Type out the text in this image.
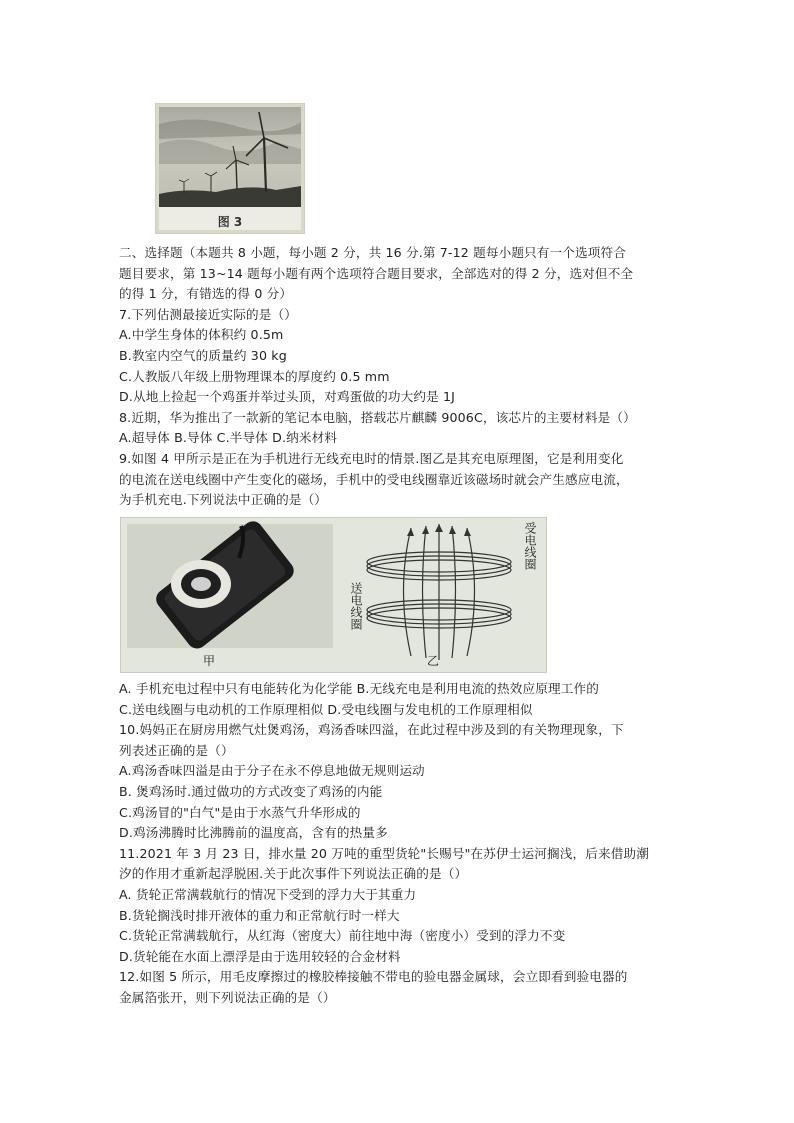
图 3
二、选择题（本题共 8 小题，每小题 2 分，共 16 分.第 7-12 题每小题只有一个选项符合
题目要求，第 13~14 题每小题有两个选项符合题目要求，全部选对的得 2 分，选对但不全
的得 1 分，有错选的得 0 分）
7.下列估测最接近实际的是（）
A.中学生身体的体积约 0.5m
B.教室内空气的质量约 30 kg
C.人教版八年级上册物理课本的厚度约 0.5 mm
D.从地上捡起一个鸡蛋并举过头顶，对鸡蛋做的功大约是 1J
8.近期，华为推出了一款新的笔记本电脑，搭载芯片麒麟 9006C，该芯片的主要材料是（）
A.超导体 B.导体 C.半导体 D.纳米材料
9.如图 4 甲所示是正在为手机进行无线充电时的情景.图乙是其充电原理图，它是利用变化
的电流在送电线圈中产生变化的磁场，手机中的受电线圈靠近该磁场时就会产生感应电流，
为手机充电.下列说法中正确的是（）
甲	乙
受电线圈
送电线圈
A. 手机充电过程中只有电能转化为化学能 B.无线充电是利用电流的热效应原理工作的
C.送电线圈与电动机的工作原理相似 D.受电线圈与发电机的工作原理相似
10.妈妈正在厨房用燃气灶煲鸡汤，鸡汤香味四溢，在此过程中涉及到的有关物理现象，下
列表述正确的是（）
A.鸡汤香味四溢是由于分子在永不停息地做无规则运动
B. 煲鸡汤时.通过做功的方式改变了鸡汤的内能
C.鸡汤冒的"白气"是由于水蒸气升华形成的
D.鸡汤沸腾时比沸腾前的温度高，含有的热量多
11.2021 年 3 月 23 日，排水量 20 万吨的重型货轮"长赐号"在苏伊士运河搁浅，后来借助潮
汐的作用才重新起浮脱困.关于此次事件下列说法正确的是（）
A. 货轮正常满载航行的情况下受到的浮力大于其重力
B.货轮搁浅时排开液体的重力和正常航行时一样大
C.货轮正常满载航行，从红海（密度大）前往地中海（密度小）受到的浮力不变
D.货轮能在水面上漂浮是由于选用较轻的合金材料
12.如图 5 所示，用毛皮摩擦过的橡胶棒接触不带电的验电器金属球，会立即看到验电器的
金属箔张开，则下列说法正确的是（）
